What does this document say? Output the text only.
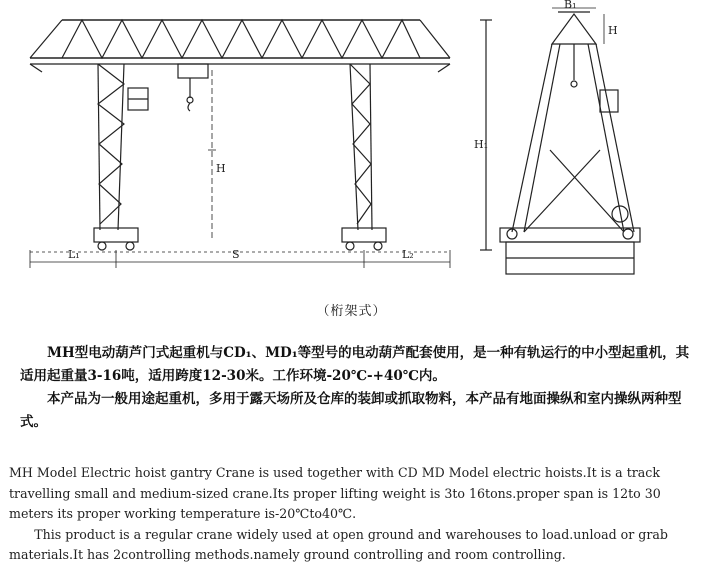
L₁	S	L₂
H
B₁
H
H₁
（桁架式）

MH型电动葫芦门式起重机与CD₁、MD₁等型号的电动葫芦配套使用，是一种有轨运行的中小型起重机，其适用起重量3-16吨，适用跨度12-30米。工作环境-20℃-+40℃内。

本产品为一般用途起重机，多用于露天场所及仓库的装卸或抓取物料，本产品有地面操纵和室内操纵两种型式。

MH Model Electric hoist gantry Crane is used together with CD MD Model electric hoists.It is a track travelling small and medium-sized crane.Its proper lifting weight is 3to 16tons.proper span is 12to 30 meters its proper working temperature is-20℃to40℃.

This product is a regular crane widely used at open ground and warehouses to load.unload or grab materials.It has 2controlling methods.namely ground controlling and room controlling.
